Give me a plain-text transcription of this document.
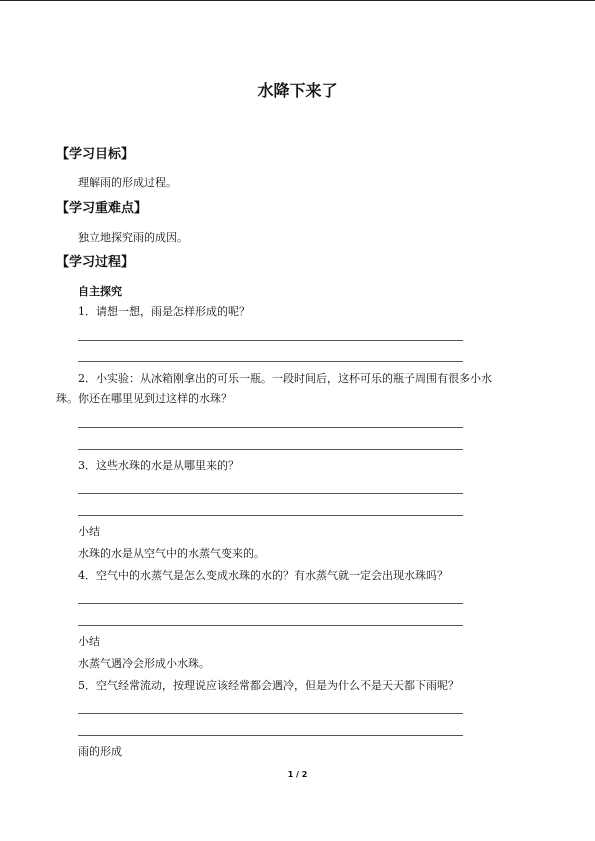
水降下来了
【学习目标】
理解雨的形成过程。
【学习重难点】
独立地探究雨的成因。
【学习过程】
自主探究
1．请想一想，雨是怎样形成的呢？
2．小实验：从冰箱刚拿出的可乐一瓶。一段时间后，这杯可乐的瓶子周围有很多小水
珠。你还在哪里见到过这样的水珠？
3．这些水珠的水是从哪里来的？
小结
水珠的水是从空气中的水蒸气变来的。
4．空气中的水蒸气是怎么变成水珠的水的？有水蒸气就一定会出现水珠吗？
小结
水蒸气遇冷会形成小水珠。
5．空气经常流动，按理说应该经常都会遇冷，但是为什么不是天天都下雨呢？
雨的形成
1 / 2
